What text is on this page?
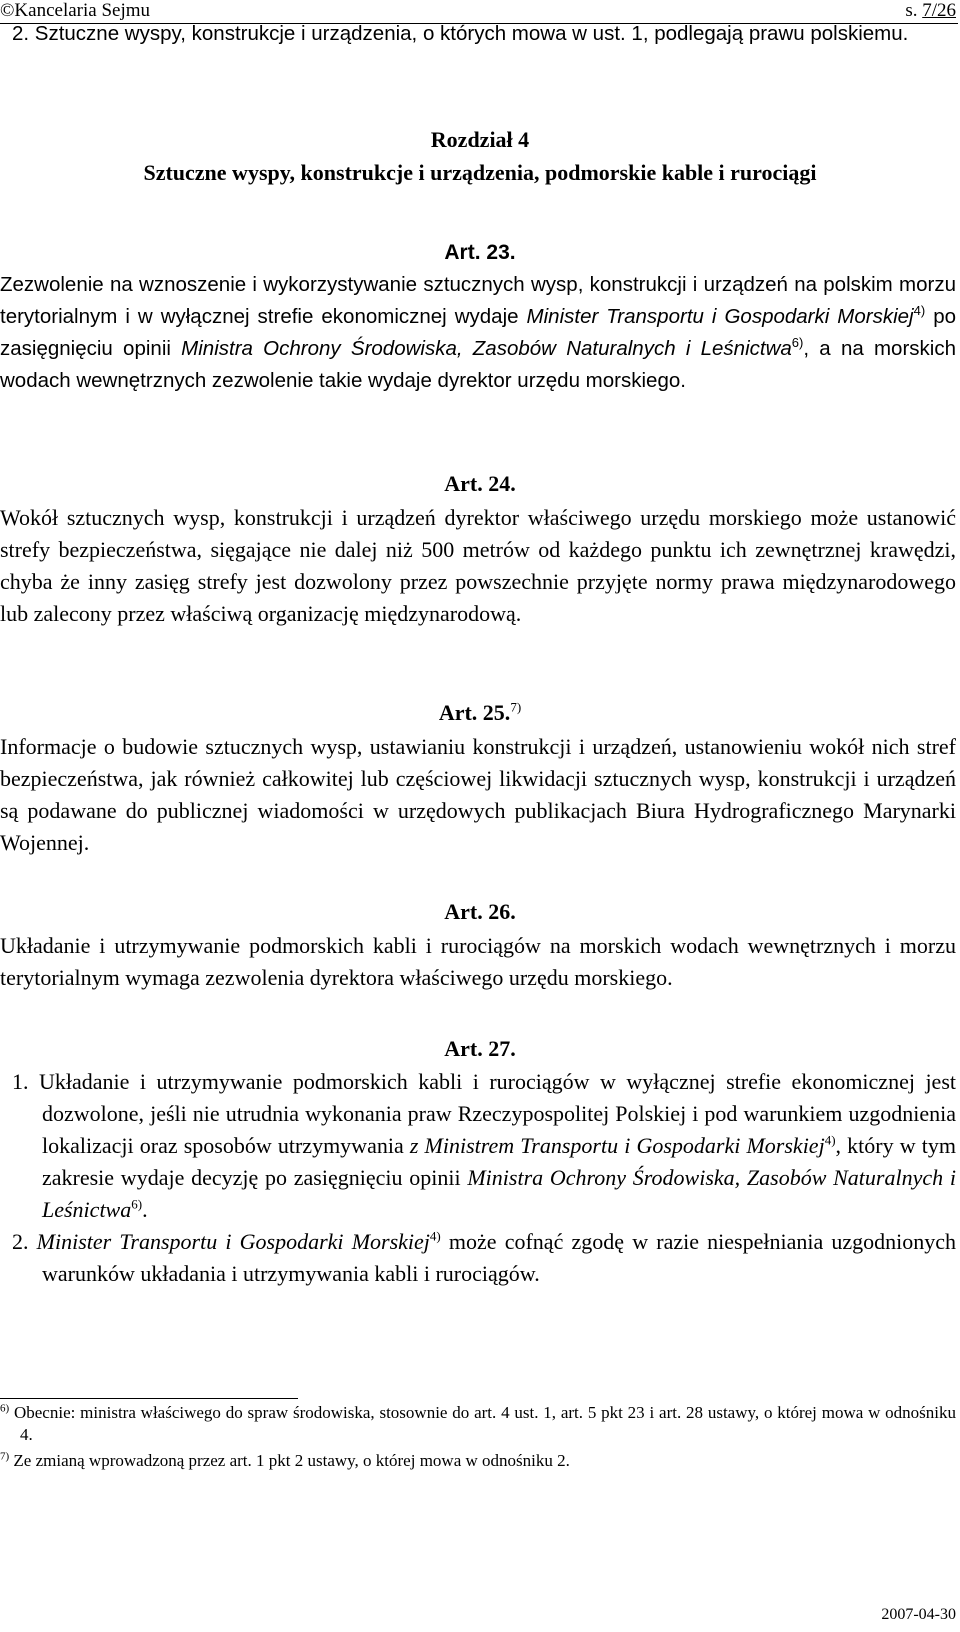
©Kancelaria Sejmu	s. 7/26
2. Sztuczne wyspy, konstrukcje i urządzenia, o których mowa w ust. 1, podlegają prawu polskiemu.
Rozdział 4
Sztuczne wyspy, konstrukcje i urządzenia, podmorskie kable i rurociągi
Art. 23.
Zezwolenie na wznoszenie i wykorzystywanie sztucznych wysp, konstrukcji i urządzeń na polskim morzu terytorialnym i w wyłącznej strefie ekonomicznej wydaje Minister Transportu i Gospodarki Morskiej$^{4)}$ po zasięgnięciu opinii Ministra Ochrony Środowiska, Zasobów Naturalnych i Leśnictwa$^{6)}$, a na morskich wodach wewnętrznych zezwolenie takie wydaje dyrektor urzędu morskiego.
Art. 24.
Wokół sztucznych wysp, konstrukcji i urządzeń dyrektor właściwego urzędu morskiego może ustanowić strefy bezpieczeństwa, sięgające nie dalej niż 500 metrów od każdego punktu ich zewnętrznej krawędzi, chyba że inny zasięg strefy jest dozwolony przez powszechnie przyjęte normy prawa międzynarodowego lub zalecony przez właściwą organizację międzynarodową.
Art. 25.$^{7)}$
Informacje o budowie sztucznych wysp, ustawianiu konstrukcji i urządzeń, ustanowieniu wokół nich stref bezpieczeństwa, jak również całkowitej lub częściowej likwidacji sztucznych wysp, konstrukcji i urządzeń są podawane do publicznej wiadomości w urzędowych publikacjach Biura Hydrograficznego Marynarki Wojennej.
Art. 26.
Układanie i utrzymywanie podmorskich kabli i rurociągów na morskich wodach wewnętrznych i morzu terytorialnym wymaga zezwolenia dyrektora właściwego urzędu morskiego.
Art. 27.
1. Układanie i utrzymywanie podmorskich kabli i rurociągów w wyłącznej strefie ekonomicznej jest dozwolone, jeśli nie utrudnia wykonania praw Rzeczypospolitej Polskiej i pod warunkiem uzgodnienia lokalizacji oraz sposobów utrzymywania z Ministrem Transportu i Gospodarki Morskiej$^{4)}$, który w tym zakresie wydaje decyzję po zasięgnięciu opinii Ministra Ochrony Środowiska, Zasobów Naturalnych i Leśnictwa$^{6)}$.
2. Minister Transportu i Gospodarki Morskiej$^{4)}$ może cofnąć zgodę w razie niespełniania uzgodnionych warunków układania i utrzymywania kabli i rurociągów.
$^{6)}$ Obecnie: ministra właściwego do spraw środowiska, stosownie do art. 4 ust. 1, art. 5 pkt 23 i art. 28 ustawy, o której mowa w odnośniku 4.
$^{7)}$ Ze zmianą wprowadzoną przez art. 1 pkt 2 ustawy, o której mowa w odnośniku 2.
2007-04-30
